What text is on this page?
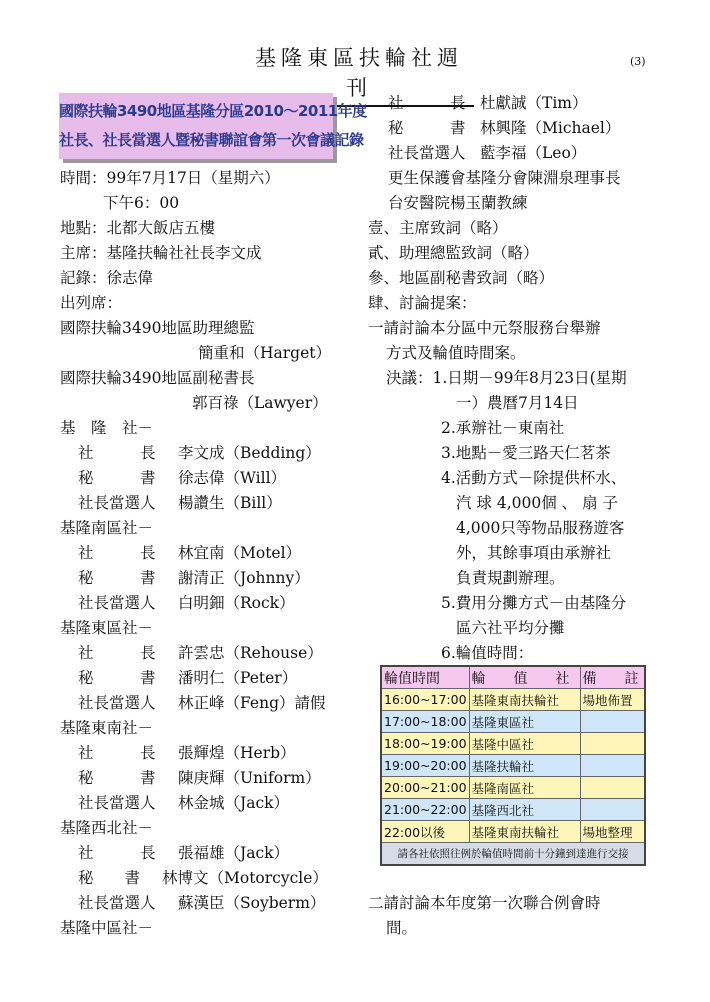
基隆東區扶輪社週刊
(3)
國際扶輪3490地區基隆分區2010～2011年度
社長、社長當選人暨秘書聯誼會第一次會議記錄
時間：99年7月17日（星期六）
下午6：00
地點：北都大飯店五樓
主席：基隆扶輪社社長李文成
記錄：徐志偉
出列席：
國際扶輪3490地區助理總監
簡重和（Harget）
國際扶輪3490地區副秘書長
郭百祿（Lawyer）
基　隆　社－
社　　　長 李文成（Bedding）
秘　　　書 徐志偉（Will）
社長當選人 楊讚生（Bill）
基隆南區社－
社　　　長 林宜南（Motel）
秘　　　書 謝清正（Johnny）
社長當選人 白明鈿（Rock）
基隆東區社－
社　　　長 許雲忠（Rehouse）
秘　　　書 潘明仁（Peter）
社長當選人 林正峰（Feng）請假
基隆東南社－
社　　　長 張輝煌（Herb）
秘　　　書 陳庚輝（Uniform）
社長當選人 林金城（Jack）
基隆西北社－
社　　　長 張福雄（Jack）
秘　　書 林博文（Motorcycle）
社長當選人 蘇漢臣（Soyberm）
基隆中區社－
社　　　長 杜獻誠（Tim）
秘　　　書 林興隆（Michael）
社長當選人 藍李福（Leo）
更生保護會基隆分會陳淵泉理事長
台安醫院楊玉蘭教練
壹、主席致詞（略）
貳、助理總監致詞（略）
參、地區副秘書致詞（略）
肆、討論提案：
一請討論本分區中元祭服務台舉辦
方式及輪值時間案。
決議：1.日期－99年8月23日(星期
一）農曆7月14日
2.承辦社－東南社
3.地點－愛三路天仁茗茶
4.活動方式－除提供杯水、
汽 球 4,000個 、 扇 子
4,000只等物品服務遊客
外，其餘事項由承辦社
負責規劃辦理。
5.費用分攤方式－由基隆分
區六社平均分攤
6.輪值時間：
輪值時間	輪　　值　　社	備　　註
16:00~17:00	基隆東南扶輪社	場地佈置
17:00~18:00	基隆東區社	
18:00~19:00	基隆中區社	
19:00~20:00	基隆扶輪社	
20:00~21:00	基隆南區社	
21:00~22:00	基隆西北社	
22:00以後	基隆東南扶輪社	場地整理
請各社依照往例於輪值時間前十分鐘到達進行交接		
二請討論本年度第一次聯合例會時
間。
